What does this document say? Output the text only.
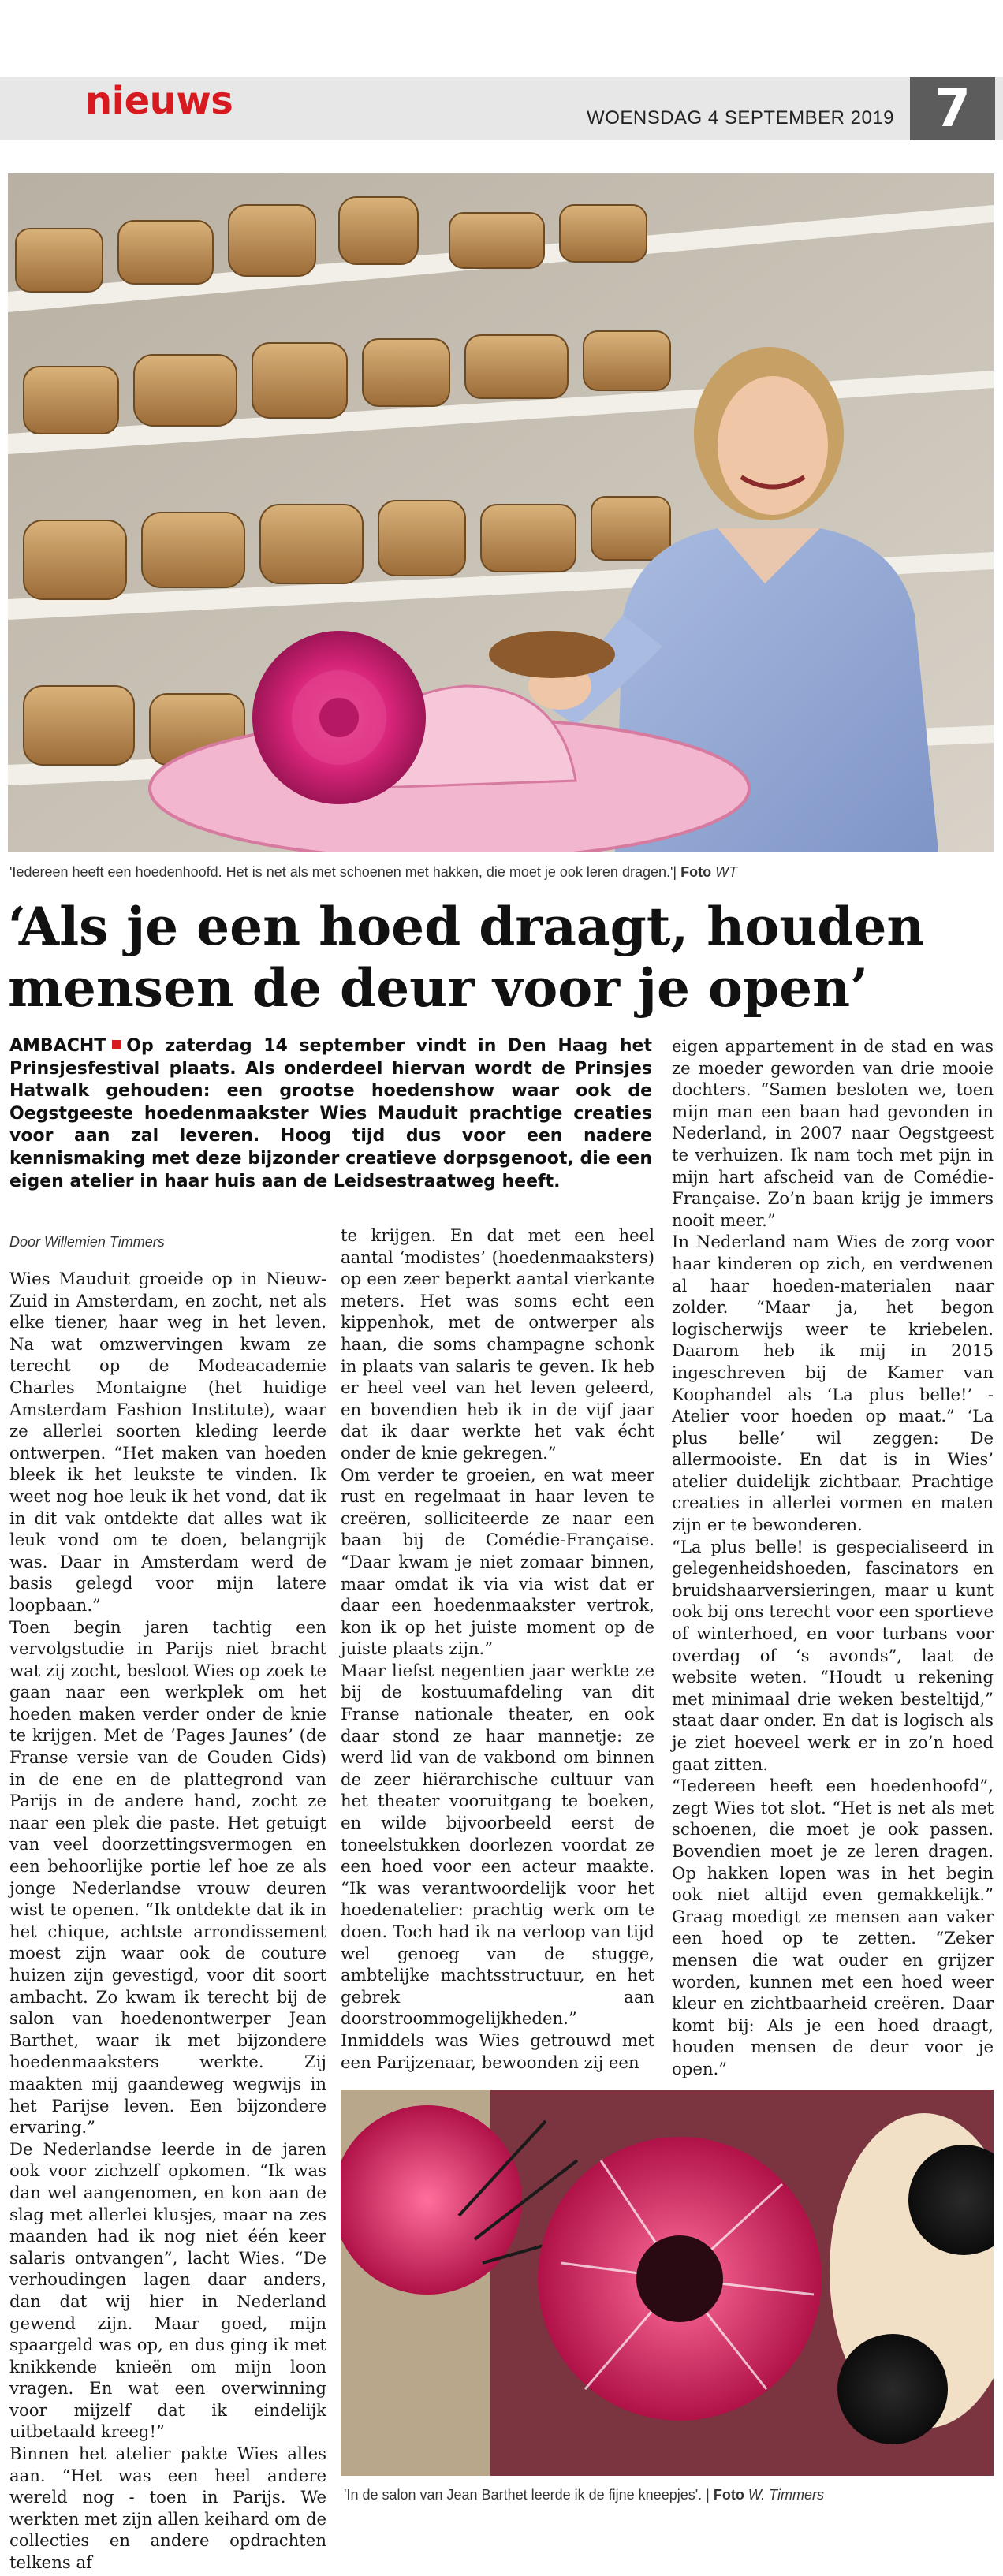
nieuws	WOENSDAG 4 SEPTEMBER 2019 7
'Iedereen heeft een hoedenhoofd. Het is net als met schoenen met hakken, die moet je ook leren dragen.'| Foto WT
‘Als je een hoed draagt, houden mensen de deur voor je open’
AMBACHT Op zaterdag 14 september vindt in Den Haag het Prinsjesfestival plaats. Als onderdeel hiervan wordt de Prinsjes Hatwalk gehouden: een grootse hoedenshow waar ook de Oegstgeeste hoedenmaakster Wies Mauduit prachtige creaties voor aan zal leveren. Hoog tijd dus voor een nadere kennismaking met deze bijzonder creatieve dorpsgenoot, die een eigen atelier in haar huis aan de Leidsestraatweg heeft.
Door Willemien Timmers

Wies Mauduit groeide op in Nieuw-Zuid in Amsterdam, en zocht, net als elke tiener, haar weg in het leven. Na wat omzwervingen kwam ze terecht op de Modeacademie Charles Montaigne (het huidige Amsterdam Fashion Institute), waar ze allerlei soorten kleding leerde ontwerpen. “Het maken van hoeden bleek ik het leukste te vinden. Ik weet nog hoe leuk ik het vond, dat ik in dit vak ontdekte dat alles wat ik leuk vond om te doen, belangrijk was. Daar in Amsterdam werd de basis gelegd voor mijn latere loopbaan.”

Toen begin jaren tachtig een vervolgstudie in Parijs niet bracht wat zij zocht, besloot Wies op zoek te gaan naar een werkplek om het hoeden maken verder onder de knie te krijgen. Met de ‘Pages Jaunes’ (de Franse versie van de Gouden Gids) in de ene en de plattegrond van Parijs in de andere hand, zocht ze naar een plek die paste. Het getuigt van veel doorzettingsvermogen en een behoorlijke portie lef hoe ze als jonge Nederlandse vrouw deuren wist te openen. “Ik ontdekte dat ik in het chique, achtste arrondissement moest zijn waar ook de couture huizen zijn gevestigd, voor dit soort ambacht. Zo kwam ik terecht bij de salon van hoedenontwerper Jean Barthet, waar ik met bijzondere hoedenmaaksters werkte. Zij maakten mij gaandeweg wegwijs in het Parijse leven. Een bijzondere ervaring.”

De Nederlandse leerde in de jaren ook voor zichzelf opkomen. “Ik was dan wel aangenomen, en kon aan de slag met allerlei klusjes, maar na zes maanden had ik nog niet één keer salaris ontvangen”, lacht Wies. “De verhoudingen lagen daar anders, dan dat wij hier in Nederland gewend zijn. Maar goed, mijn spaargeld was op, en dus ging ik met knikkende knieën om mijn loon vragen. En wat een overwinning voor mijzelf dat ik eindelijk uitbetaald kreeg!”

Binnen het atelier pakte Wies alles aan. “Het was een heel andere wereld nog - toen in Parijs. We werkten met zijn allen keihard om de collecties en andere opdrachten telkens af

te krijgen. En dat met een heel aantal ‘modistes’ (hoedenmaaksters) op een zeer beperkt aantal vierkante meters. Het was soms echt een kippenhok, met de ontwerper als haan, die soms champagne schonk in plaats van salaris te geven. Ik heb er heel veel van het leven geleerd, en bovendien heb ik in de vijf jaar dat ik daar werkte het vak écht onder de knie gekregen.”

Om verder te groeien, en wat meer rust en regelmaat in haar leven te creëren, solliciteerde ze naar een baan bij de Comédie-Française. “Daar kwam je niet zomaar binnen, maar omdat ik via via wist dat er daar een hoedenmaakster vertrok, kon ik op het juiste moment op de juiste plaats zijn.”

Maar liefst negentien jaar werkte ze bij de kostuumafdeling van dit Franse nationale theater, en ook daar stond ze haar mannetje: ze werd lid van de vakbond om binnen de zeer hiërarchische cultuur van het theater vooruitgang te boeken, en wilde bijvoorbeeld eerst de toneelstukken doorlezen voordat ze een hoed voor een acteur maakte. “Ik was verantwoordelijk voor het hoedenatelier: prachtig werk om te doen. Toch had ik na verloop van tijd wel genoeg van de stugge, ambtelijke machtsstructuur, en het gebrek aan doorstroommogelijkheden.”

Inmiddels was Wies getrouwd met een Parijzenaar, bewoonden zij een

eigen appartement in de stad en was ze moeder geworden van drie mooie dochters. “Samen besloten we, toen mijn man een baan had gevonden in Nederland, in 2007 naar Oegstgeest te verhuizen. Ik nam toch met pijn in mijn hart afscheid van de Comédie-Française. Zo’n baan krijg je immers nooit meer.”

In Nederland nam Wies de zorg voor haar kinderen op zich, en verdwenen al haar hoeden-materialen naar zolder. “Maar ja, het begon logischerwijs weer te kriebelen. Daarom heb ik mij in 2015 ingeschreven bij de Kamer van Koophandel als ‘La plus belle!’ - Atelier voor hoeden op maat.” ‘La plus belle’ wil zeggen: De allermooiste. En dat is in Wies’ atelier duidelijk zichtbaar. Prachtige creaties in allerlei vormen en maten zijn er te bewonderen.

“La plus belle! is gespecialiseerd in gelegenheidshoeden, fascinators en bruidshaarversieringen, maar u kunt ook bij ons terecht voor een sportieve of winterhoed, en voor turbans voor overdag of ‘s avonds”, laat de website weten. “Houdt u rekening met minimaal drie weken besteltijd,” staat daar onder. En dat is logisch als je ziet hoeveel werk er in zo’n hoed gaat zitten.

“Iedereen heeft een hoedenhoofd”, zegt Wies tot slot. “Het is net als met schoenen, die moet je ook passen. Bovendien moet je ze leren dragen. Op hakken lopen was in het begin ook niet altijd even gemakkelijk.” Graag moedigt ze mensen aan vaker een hoed op te zetten. “Zeker mensen die wat ouder en grijzer worden, kunnen met een hoed weer kleur en zichtbaarheid creëren. Daar komt bij: Als je een hoed draagt, houden mensen de deur voor je open.”

'In de salon van Jean Barthet leerde ik de fijne kneepjes'. | Foto W. Timmers
